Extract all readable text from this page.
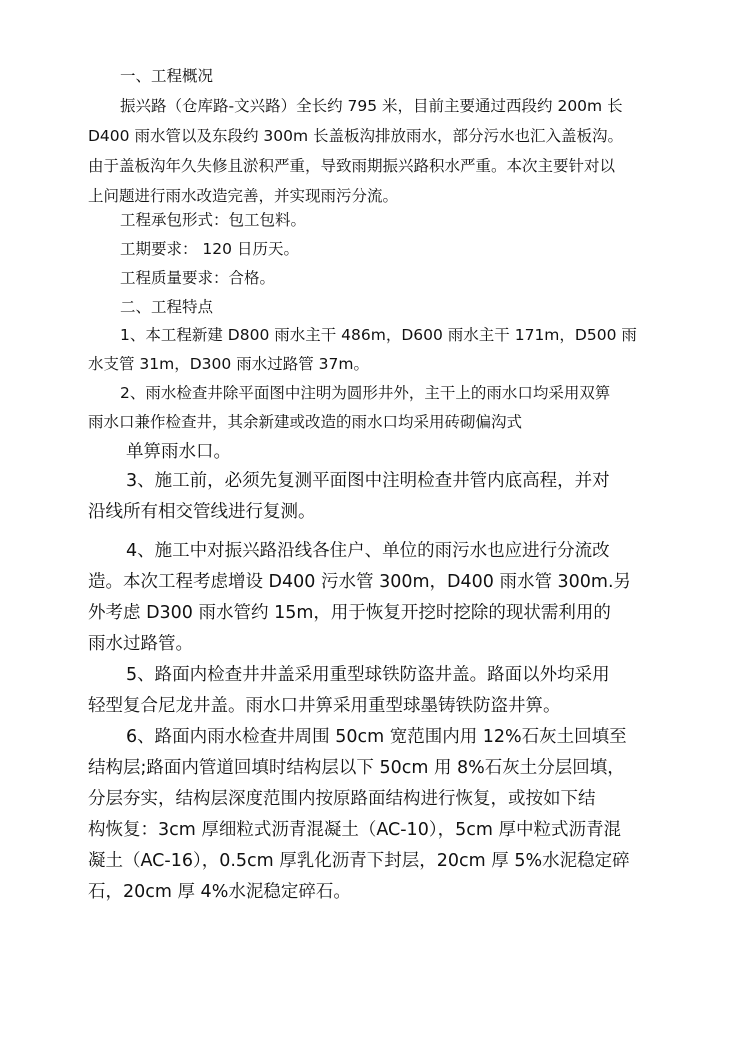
一、工程概况

振兴路（仓库路-文兴路）全长约 795 米，目前主要通过西段约 200m 长

D400 雨水管以及东段约 300m 长盖板沟排放雨水，部分污水也汇入盖板沟。

由于盖板沟年久失修且淤积严重，导致雨期振兴路积水严重。本次主要针对以

上问题进行雨水改造完善，并实现雨污分流。

工程承包形式：包工包料。

工期要求： 120 日历天。

工程质量要求：合格。

二、工程特点

1、本工程新建 D800 雨水主干 486m，D600 雨水主干 171m，D500 雨

水支管 31m，D300 雨水过路管 37m。

2、雨水检查井除平面图中注明为圆形井外，主干上的雨水口均采用双箅

雨水口兼作检查井，其余新建或改造的雨水口均采用砖砌偏沟式

单箅雨水口。

3、施工前，必须先复测平面图中注明检查井管内底高程，并对

沿线所有相交管线进行复测。

4、施工中对振兴路沿线各住户、单位的雨污水也应进行分流改

造。本次工程考虑增设 D400 污水管 300m，D400 雨水管 300m.另

外考虑 D300 雨水管约 15m，用于恢复开挖时挖除的现状需利用的

雨水过路管。

5、路面内检查井井盖采用重型球铁防盗井盖。路面以外均采用

轻型复合尼龙井盖。雨水口井箅采用重型球墨铸铁防盗井箅。

6、路面内雨水检查井周围 50cm 宽范围内用 12%石灰土回填至

结构层;路面内管道回填时结构层以下 50cm 用 8%石灰土分层回填，

分层夯实，结构层深度范围内按原路面结构进行恢复，或按如下结

构恢复：3cm 厚细粒式沥青混凝土（AC-10），5cm 厚中粒式沥青混

凝土（AC-16），0.5cm 厚乳化沥青下封层，20cm 厚 5%水泥稳定碎

石，20cm 厚 4%水泥稳定碎石。
